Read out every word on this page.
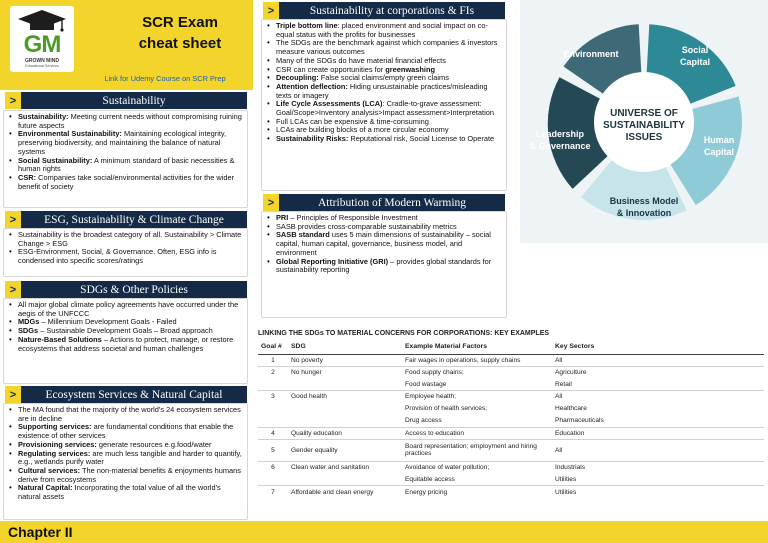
GM
GROWN MIND
Educational Services
SCR Exam
cheat sheet
Link for Udemy Course on SCR Prep
>	Sustainability
• Sustainability: Meeting current needs without compromising ruining future aspects
• Environmental Sustainability: Maintaining ecological integrity, preserving biodiversity, and maintaining the balance of natural systems
• Social Sustainability: A minimum standard of basic necessities & human rights
• CSR: Companies take social/environmental activities for the wider benefit of society
>	ESG, Sustainability & Climate Change
• Sustainability is the broadest category of all. Sustainability > Climate Change > ESG
• ESG-Environment, Social, & Governance. Often, ESG info is condensed into specific scores/ratings
>	SDGs & Other Policies
• All major global climate policy agreements have occurred under the aegis of the UNFCCC
• MDGs – Millennium Development Goals - Failed
• SDGs – Sustainable Development Goals – Broad approach
• Nature-Based Solutions – Actions to protect, manage, or restore ecosystems that address societal and human challenges
>	Ecosystem Services & Natural Capital
• The MA found that the majority of the world's 24 ecosystem services are in decline
• Supporting services: are fundamental conditions that enable the existence of other services
• Provisioning services: generate resources e.g.food/water
• Regulating services: are much less tangible and harder to quantify, e.g., wetlands purify water
• Cultural services: The non-material benefits & enjoyments humans derive from ecosystems
• Natural Capital: Incorporating the total value of all the world's natural assets
>	Sustainability at corporations & FIs
• Triple bottom line: placed environment and social impact on co-equal status with the profits for businesses
• The SDGs are the benchmark against which companies & investors measure various outcomes
• Many of the SDGs do have material financial effects
• CSR can create opportunities for greenwashing
• Decoupling: False social claims/empty green claims
• Attention deflection: Hiding unsustainable practices/misleading texts or imagery
• Life Cycle Assessments (LCA): Cradle-to-grave assessment: Goal/Scope>Inventory analysis>Impact assessment>Interpretation
• Full LCAs can be expensive & time-consuming
• LCAs are building blocks of a more circular economy
• Sustainability Risks: Reputational risk, Social License to Operate
>	Attribution of Modern Warming
• PRI – Principles of Responsible Investment
• SASB provides cross-comparable sustainability metrics
• SASB standard uses 5 main dimensions of sustainability – social capital, human capital, governance, business model, and environment
• Global Reporting Initiative (GRI) – provides global standards for sustainability reporting
UNIVERSE OF
SUSTAINABILITY
ISSUES
Environment	Social
Capital
Human
Capital
Business Model
& Innovation
Leadership
& Governance
LINKING THE SDGs TO MATERIAL CONCERNS FOR CORPORATIONS: KEY EXAMPLES
Goal #	SDG	Example Material Factors	Key Sectors
1	No poverty	Fair wages in operations, supply chains	All
2	No hunger	Food supply chains;	Agriculture
		Food wastage	Retail
3	Good health	Employee health;	All
		Provision of health services;	Healthcare
		Drug access	Pharmaceuticals
4	Quality education	Access to education	Education
5	Gender equality	Board representation; employment and hiring practices	All
6	Clean water and sanitation	Avoidance of water pollution;	Industrials
		Equitable access	Utilities
7	Affordable and clean energy	Energy pricing	Utilities
Chapter II
